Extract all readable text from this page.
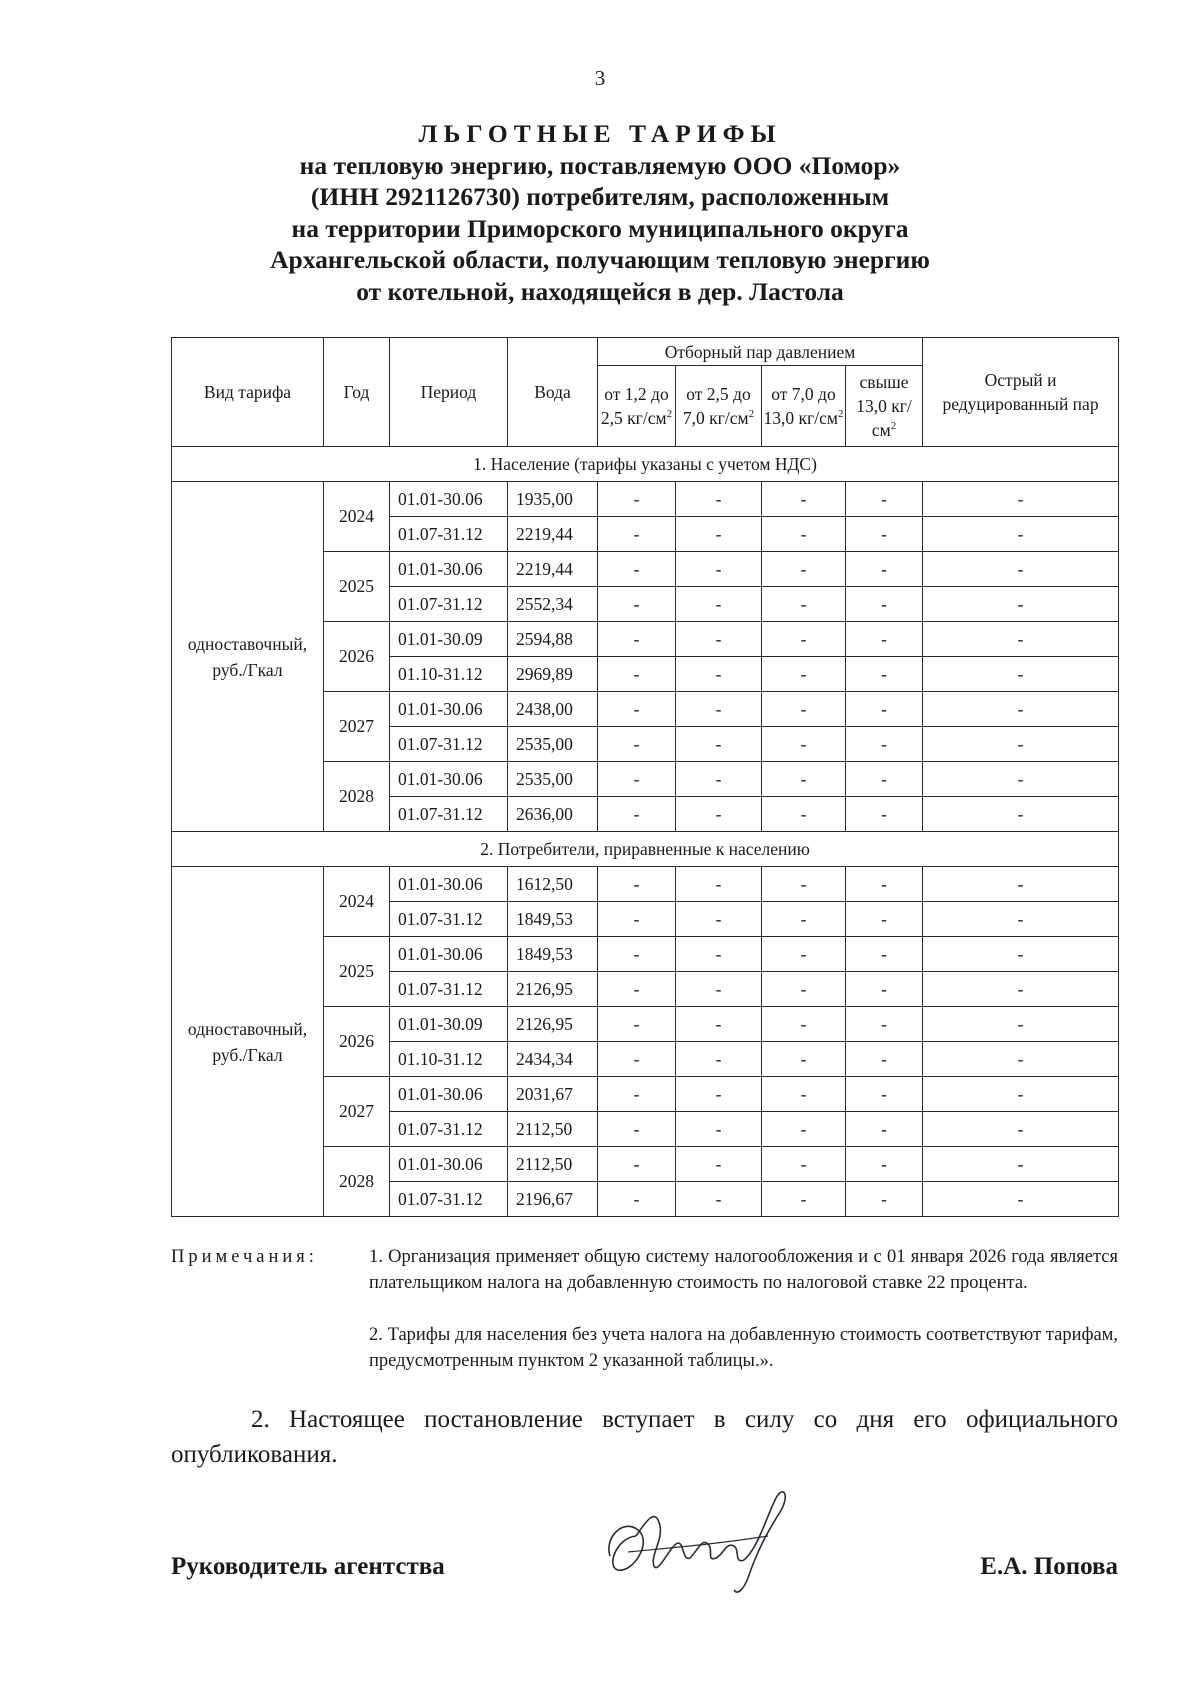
3
ЛЬГОТНЫЕ ТАРИФЫ
на тепловую энергию, поставляемую ООО «Помор»
(ИНН 2921126730) потребителям, расположенным
на территории Приморского муниципального округа
Архангельской области, получающим тепловую энергию
от котельной, находящейся в дер. Ластола
Вид тарифа	Год	Период	Вода	Отборный пар давлением				Острый и редуцированный пар
				от 1,2 до 2,5 $кг/см^2$	от 2,5 до 7,0 $кг/см^2$	от 7,0 до 13,0 $кг/см^2$	свыше 13,0 $кг/см^2$
1. Население (тарифы указаны с учетом НДС)								
одноставочный, руб./Гкал	2024	01.01-30.06	1935,00	-	-	-	-	-
		01.07-31.12	2219,44	-	-	-	-	-
	2025	01.01-30.06	2219,44	-	-	-	-	-
		01.07-31.12	2552,34	-	-	-	-	-
	2026	01.01-30.09	2594,88	-	-	-	-	-
		01.10-31.12	2969,89	-	-	-	-	-
	2027	01.01-30.06	2438,00	-	-	-	-	-
		01.07-31.12	2535,00	-	-	-	-	-
	2028	01.01-30.06	2535,00	-	-	-	-	-
		01.07-31.12	2636,00	-	-	-	-	-
2. Потребители, приравненные к населению								
одноставочный, руб./Гкал	2024	01.01-30.06	1612,50	-	-	-	-	-
		01.07-31.12	1849,53	-	-	-	-	-
	2025	01.01-30.06	1849,53	-	-	-	-	-
		01.07-31.12	2126,95	-	-	-	-	-
	2026	01.01-30.09	2126,95	-	-	-	-	-
		01.10-31.12	2434,34	-	-	-	-	-
	2027	01.01-30.06	2031,67	-	-	-	-	-
		01.07-31.12	2112,50	-	-	-	-	-
	2028	01.01-30.06	2112,50	-	-	-	-	-
		01.07-31.12	2196,67	-	-	-	-	-
Примечания:	1. Организация применяет общую систему налогообложения и с 01 января 2026 года является плательщиком налога на добавленную стоимость по налоговой ставке 22 процента.
2. Тарифы для населения без учета налога на добавленную стоимость соответствуют тарифам, предусмотренным пунктом 2 указанной таблицы.».
2. Настоящее постановление вступает в силу со дня его официального опубликования.
Руководитель агентства	Е.А. Попова
